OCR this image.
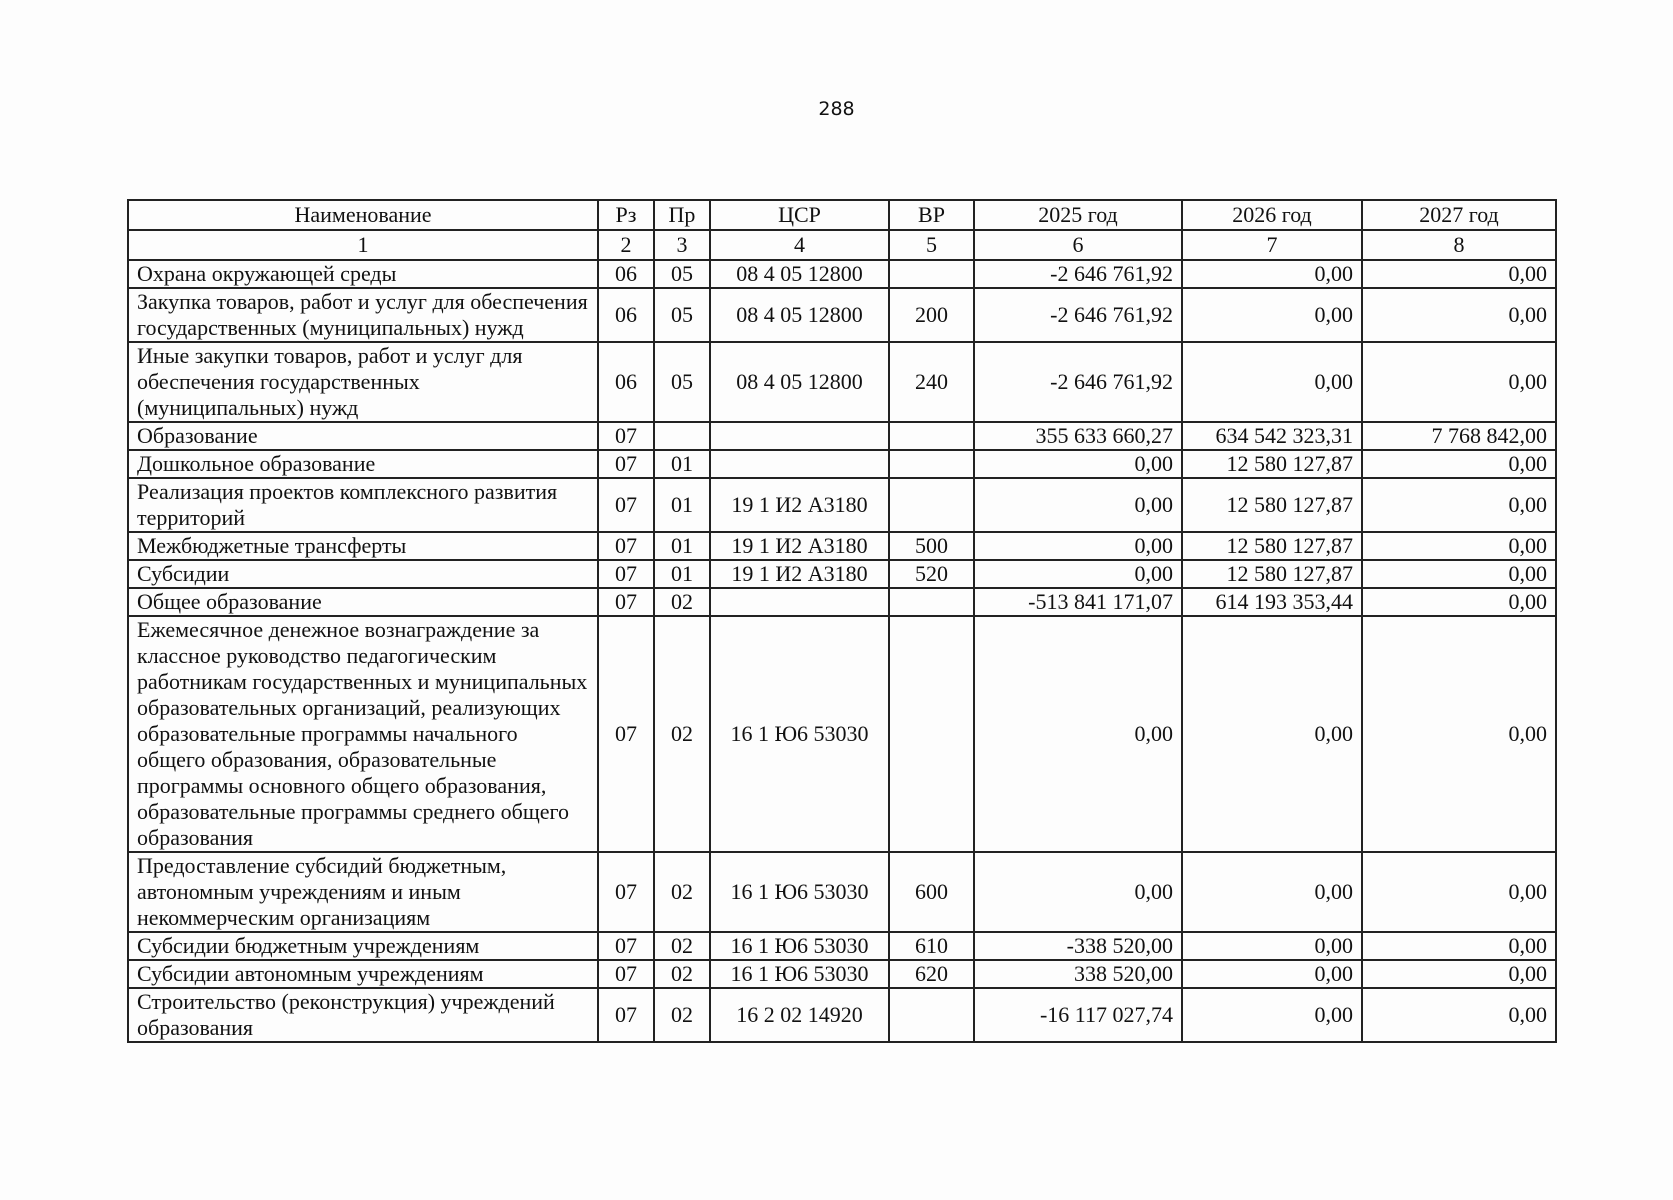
288
Наименование	Рз	Пр	ЦСР	ВР	2025 год	2026 год	2027 год
1	2	3	4	5	6	7	8
Охрана окружающей среды	06	05	08 4 05 12800		-2 646 761,92	0,00	0,00
Закупка товаров, работ и услуг для обеспечения государственных (муниципальных) нужд	06	05	08 4 05 12800	200	-2 646 761,92	0,00	0,00
Иные закупки товаров, работ и услуг для обеспечения государственных (муниципальных) нужд	06	05	08 4 05 12800	240	-2 646 761,92	0,00	0,00
Образование	07				355 633 660,27	634 542 323,31	7 768 842,00
Дошкольное образование	07	01			0,00	12 580 127,87	0,00
Реализация проектов комплексного развития территорий	07	01	19 1 И2 А3180		0,00	12 580 127,87	0,00
Межбюджетные трансферты	07	01	19 1 И2 А3180	500	0,00	12 580 127,87	0,00
Субсидии	07	01	19 1 И2 А3180	520	0,00	12 580 127,87	0,00
Общее образование	07	02			-513 841 171,07	614 193 353,44	0,00
Ежемесячное денежное вознаграждение за классное руководство педагогическим работникам государственных и муниципальных образовательных организаций, реализующих образовательные программы начального общего образования, образовательные программы основного общего образования, образовательные программы среднего общего образования	07	02	16 1 Ю6 53030		0,00	0,00	0,00
Предоставление субсидий бюджетным, автономным учреждениям и иным некоммерческим организациям	07	02	16 1 Ю6 53030	600	0,00	0,00	0,00
Субсидии бюджетным учреждениям	07	02	16 1 Ю6 53030	610	-338 520,00	0,00	0,00
Субсидии автономным учреждениям	07	02	16 1 Ю6 53030	620	338 520,00	0,00	0,00
Строительство (реконструкция) учреждений образования	07	02	16 2 02 14920		-16 117 027,74	0,00	0,00
